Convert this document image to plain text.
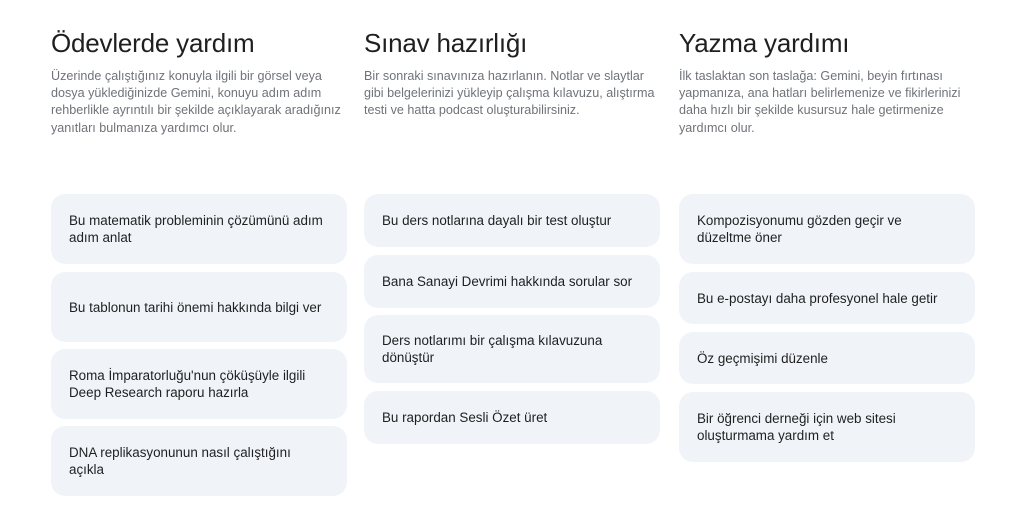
Ödevlerde yardım

Üzerinde çalıştığınız konuyla ilgili bir görsel veya dosya yüklediğinizde Gemini, konuyu adım adım rehberlikle ayrıntılı bir şekilde açıklayarak aradığınız yanıtları bulmanıza yardımcı olur.

Bu matematik probleminin çözümünü adım adım anlat
Bu tablonun tarihi önemi hakkında bilgi ver
Roma İmparatorluğu'nun çöküşüyle ilgili Deep Research raporu hazırla
DNA replikasyonunun nasıl çalıştığını açıkla
Sınav hazırlığı

Bir sonraki sınavınıza hazırlanın. Notlar ve slaytlar gibi belgelerinizi yükleyip çalışma kılavuzu, alıştırma testi ve hatta podcast oluşturabilirsiniz.

Bu ders notlarına dayalı bir test oluştur
Bana Sanayi Devrimi hakkında sorular sor
Ders notlarımı bir çalışma kılavuzuna dönüştür
Bu rapordan Sesli Özet üret
Yazma yardımı

İlk taslaktan son taslağa: Gemini, beyin fırtınası yapmanıza, ana hatları belirlemenize ve fikirlerinizi daha hızlı bir şekilde kusursuz hale getirmenize yardımcı olur.

Kompozisyonumu gözden geçir ve düzeltme öner
Bu e-postayı daha profesyonel hale getir
Öz geçmişimi düzenle
Bir öğrenci derneği için web sitesi oluşturmama yardım et
